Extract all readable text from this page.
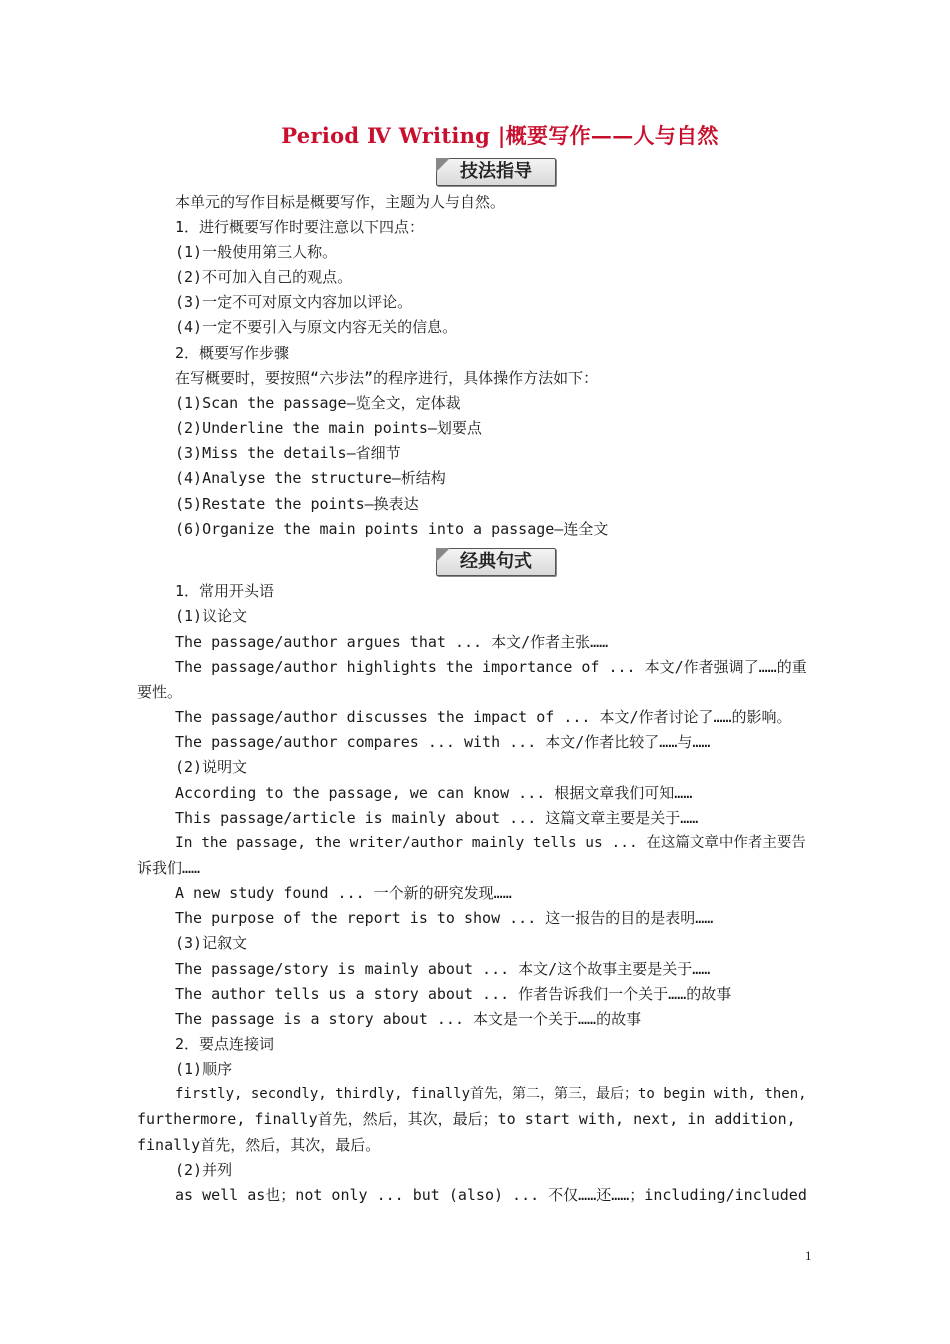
Period Ⅳ Writing |概要写作——人与自然
技法指导
本单元的写作目标是概要写作，主题为人与自然。
1．进行概要写作时要注意以下四点：
(1)一般使用第三人称。
(2)不可加入自己的观点。
(3)一定不可对原文内容加以评论。
(4)一定不要引入与原文内容无关的信息。
2．概要写作步骤
在写概要时，要按照“六步法”的程序进行，具体操作方法如下：
(1)Scan the passage—览全文，定体裁
(2)Underline the main points—划要点
(3)Miss the details—省细节
(4)Analyse the structure—析结构
(5)Restate the points—换表达
(6)Organize the main points into a passage—连全文
经典句式
1．常用开头语
(1)议论文
The passage/author argues that ... 本文/作者主张……
The passage/author highlights the importance of ... 本文/作者强调了……的重
要性。
The passage/author discusses the impact of ... 本文/作者讨论了……的影响。
The passage/author compares ... with ... 本文/作者比较了……与……
(2)说明文
According to the passage, we can know ... 根据文章我们可知……
This passage/article is mainly about ... 这篇文章主要是关于……
In the passage, the writer/author mainly tells us ... 在这篇文章中作者主要告
诉我们……
A new study found ... 一个新的研究发现……
The purpose of the report is to show ... 这一报告的目的是表明……
(3)记叙文
The passage/story is mainly about ... 本文/这个故事主要是关于……
The author tells us a story about ... 作者告诉我们一个关于……的故事
The passage is a story about ... 本文是一个关于……的故事
2．要点连接词
(1)顺序
firstly, secondly, thirdly, finally首先，第二，第三，最后；to begin with, then,
furthermore, finally首先，然后，其次，最后；to start with, next, in addition,
finally首先，然后，其次，最后。
(2)并列
as well as也；not only ... but (also) ... 不仅……还……；including/included
1
